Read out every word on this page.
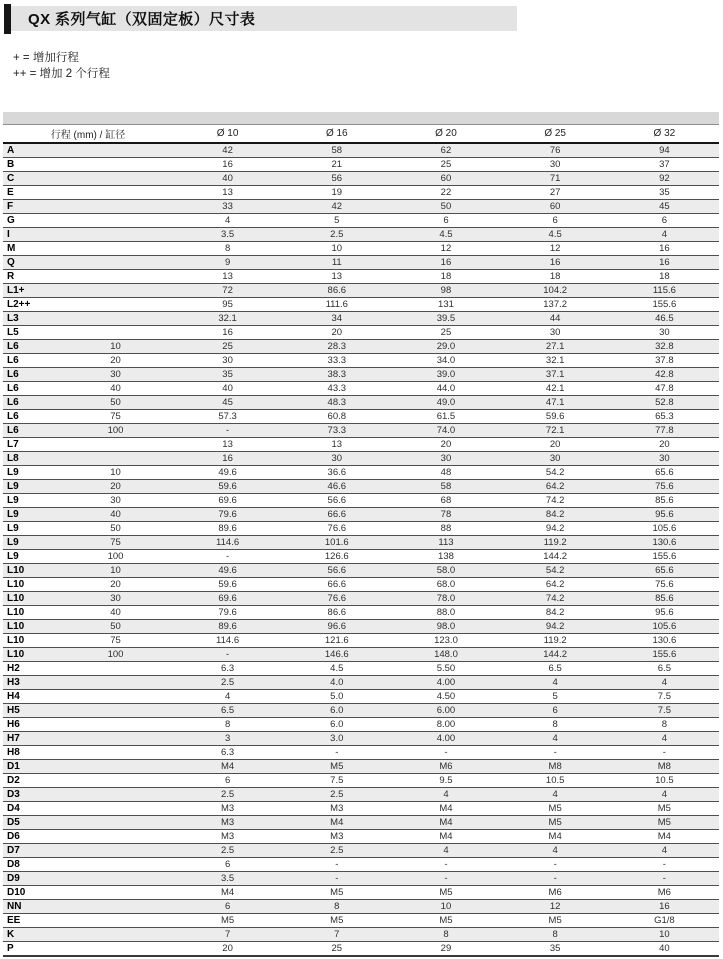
QX 系列气缸（双固定板）尺寸表
+ = 增加行程
++ = 增加 2 个行程
行程 (mm) / 缸径		Ø 10	Ø 16	Ø 20	Ø 25	Ø 32
A		42	58	62	76	94
B		16	21	25	30	37
C		40	56	60	71	92
E		13	19	22	27	35
F		33	42	50	60	45
G		4	5	6	6	6
I		3.5	2.5	4.5	4.5	4
M		8	10	12	12	16
Q		9	11	16	16	16
R		13	13	18	18	18
L1+		72	86.6	98	104.2	115.6
L2++		95	111.6	131	137.2	155.6
L3		32.1	34	39.5	44	46.5
L5		16	20	25	30	30
L6	10	25	28.3	29.0	27.1	32.8
L6	20	30	33.3	34.0	32.1	37.8
L6	30	35	38.3	39.0	37.1	42.8
L6	40	40	43.3	44.0	42.1	47.8
L6	50	45	48.3	49.0	47.1	52.8
L6	75	57.3	60.8	61.5	59.6	65.3
L6	100	-	73.3	74.0	72.1	77.8
L7		13	13	20	20	20
L8		16	30	30	30	30
L9	10	49.6	36.6	48	54.2	65.6
L9	20	59.6	46.6	58	64.2	75.6
L9	30	69.6	56.6	68	74.2	85.6
L9	40	79.6	66.6	78	84.2	95.6
L9	50	89.6	76.6	88	94.2	105.6
L9	75	114.6	101.6	113	119.2	130.6
L9	100	-	126.6	138	144.2	155.6
L10	10	49.6	56.6	58.0	54.2	65.6
L10	20	59.6	66.6	68.0	64.2	75.6
L10	30	69.6	76.6	78.0	74.2	85.6
L10	40	79.6	86.6	88.0	84.2	95.6
L10	50	89.6	96.6	98.0	94.2	105.6
L10	75	114.6	121.6	123.0	119.2	130.6
L10	100	-	146.6	148.0	144.2	155.6
H2		6.3	4.5	5.50	6.5	6.5
H3		2.5	4.0	4.00	4	4
H4		4	5.0	4.50	5	7.5
H5		6.5	6.0	6.00	6	7.5
H6		8	6.0	8.00	8	8
H7		3	3.0	4.00	4	4
H8		6.3	-	-	-	-
D1		M4	M5	M6	M8	M8
D2		6	7.5	9.5	10.5	10.5
D3		2.5	2.5	4	4	4
D4		M3	M3	M4	M5	M5
D5		M3	M4	M4	M5	M5
D6		M3	M3	M4	M4	M4
D7		2.5	2.5	4	4	4
D8		6	-	-	-	-
D9		3.5	-	-	-	-
D10		M4	M5	M5	M6	M6
NN		6	8	10	12	16
EE		M5	M5	M5	M5	G1/8
K		7	7	8	8	10
P		20	25	29	35	40
